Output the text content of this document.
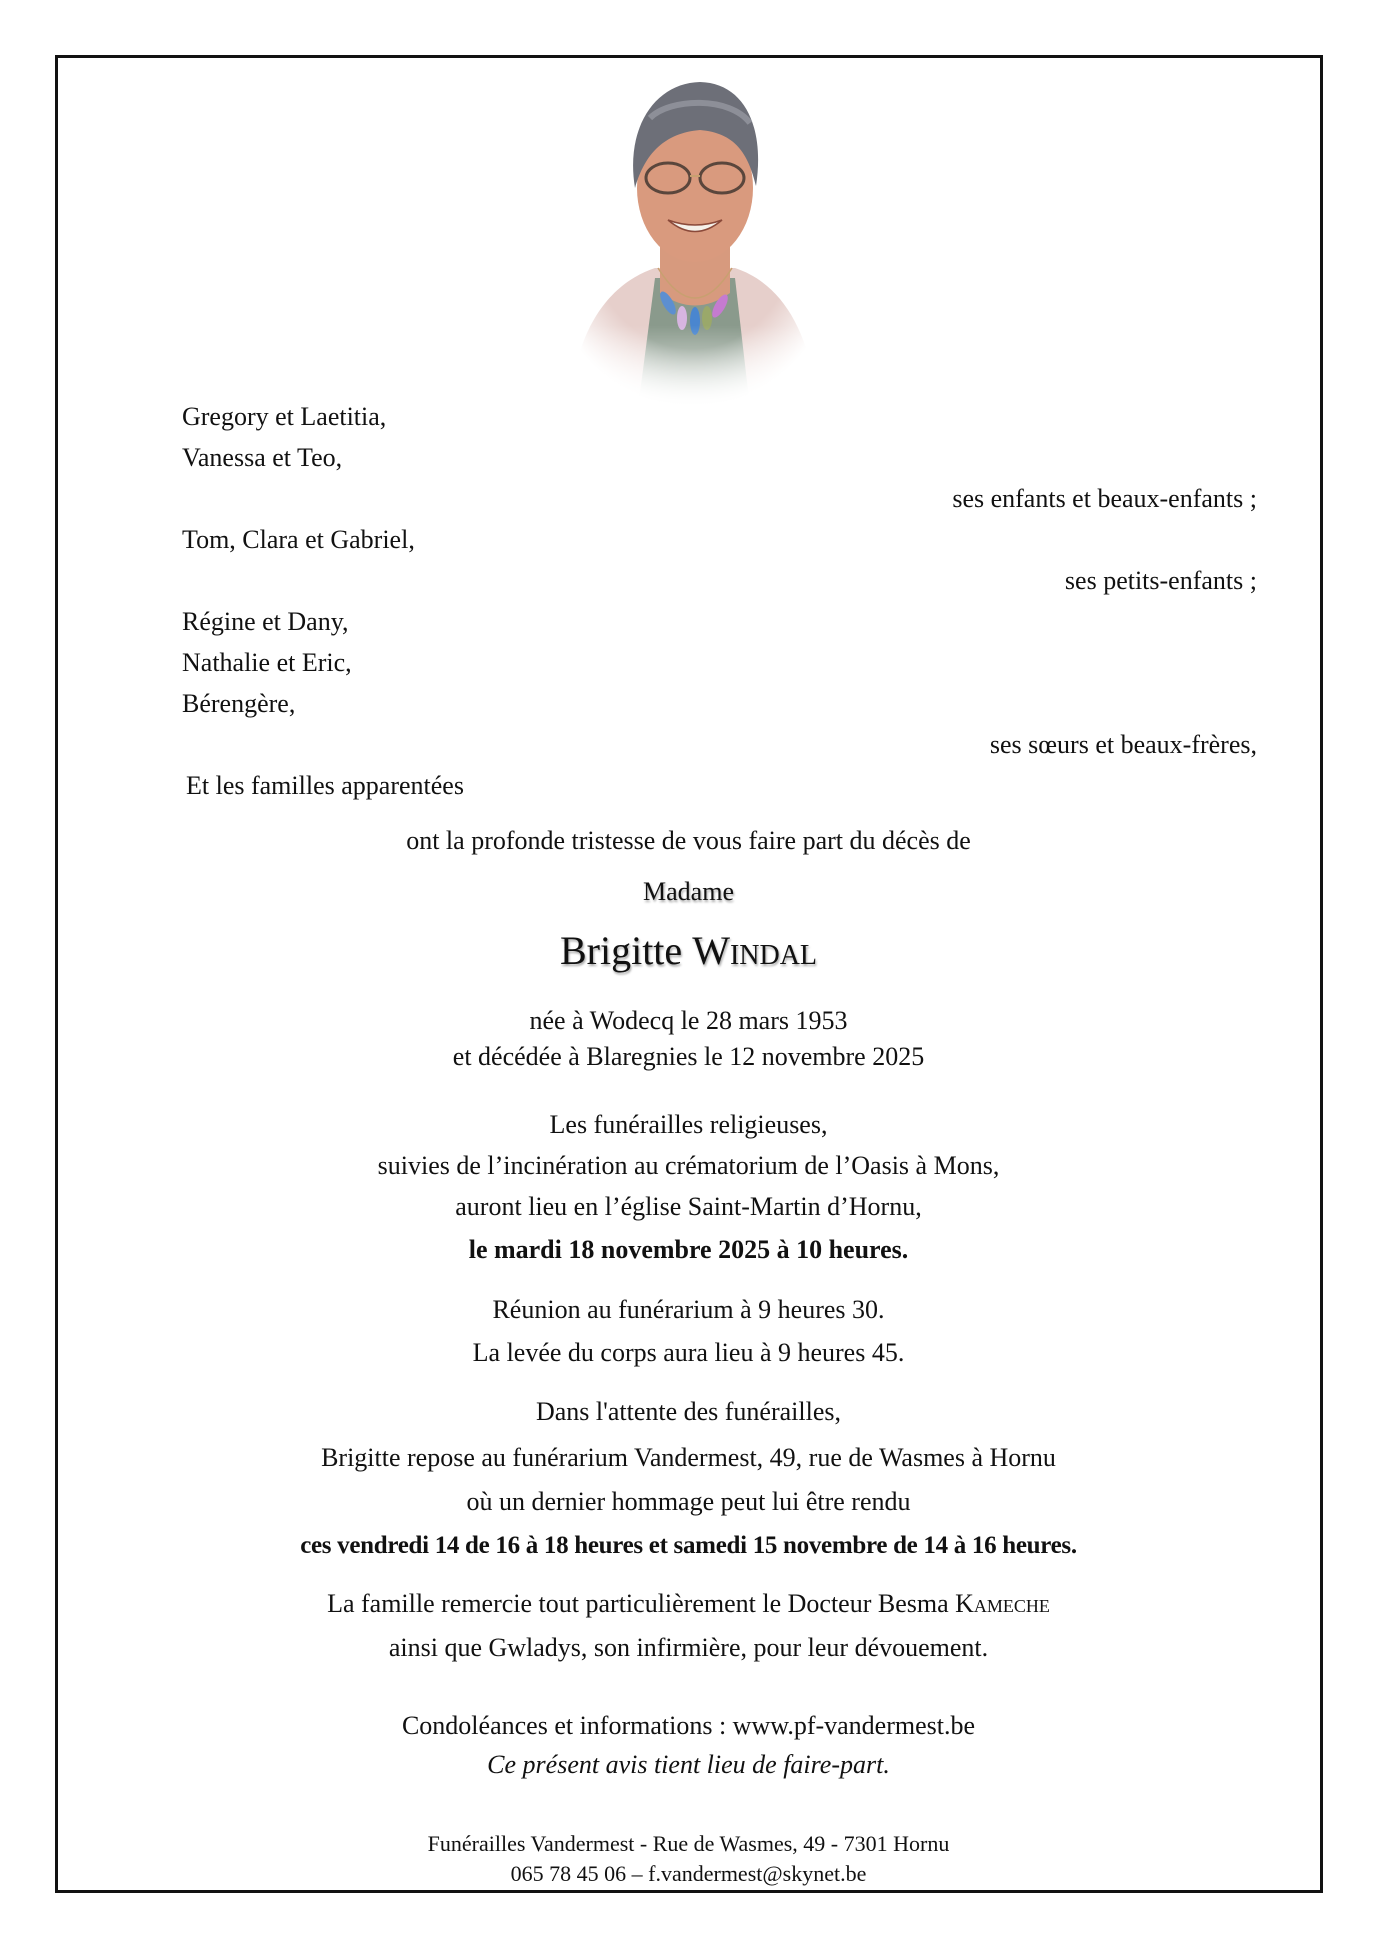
Gregory et Laetitia,
Vanessa et Teo,
ses enfants et beaux-enfants ;
Tom, Clara et Gabriel,
ses petits-enfants ;
Régine et Dany,
Nathalie et Eric,
Bérengère,
ses sœurs et beaux-frères,
Et les familles apparentées
ont la profonde tristesse de vous faire part du décès de
Madame
Brigitte Windal
née à Wodecq le 28 mars 1953
et décédée à Blaregnies le 12 novembre 2025
Les funérailles religieuses,
suivies de l’incinération au crématorium de l’Oasis à Mons,
auront lieu en l’église Saint-Martin d’Hornu,
le mardi 18 novembre 2025 à 10 heures.
Réunion au funérarium à 9 heures 30.
La levée du corps aura lieu à 9 heures 45.
Dans l'attente des funérailles,
Brigitte repose au funérarium Vandermest, 49, rue de Wasmes à Hornu
où un dernier hommage peut lui être rendu
ces vendredi 14 de 16 à 18 heures et samedi 15 novembre de 14 à 16 heures.
La famille remercie tout particulièrement le Docteur Besma Kameche
ainsi que Gwladys, son infirmière, pour leur dévouement.
Condoléances et informations : www.pf-vandermest.be
Ce présent avis tient lieu de faire-part.
Funérailles Vandermest - Rue de Wasmes, 49 - 7301 Hornu
065 78 45 06 – f.vandermest@skynet.be
